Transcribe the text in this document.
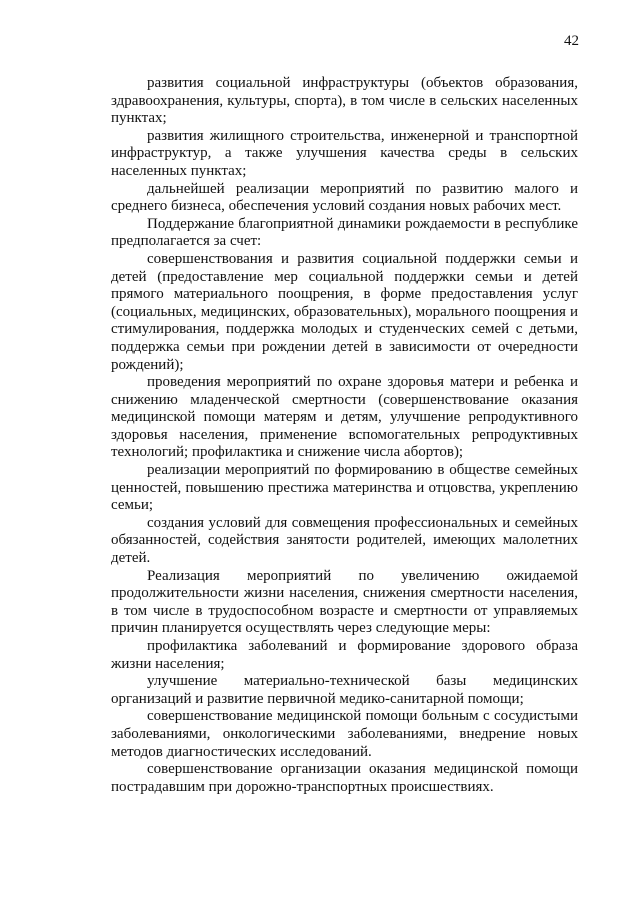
42

развития социальной инфраструктуры (объектов образования, здравоохранения, культуры, спорта), в том числе в сельских населенных пунктах;

развития жилищного строительства, инженерной и транспортной инфраструктур, а также улучшения качества среды в сельских населенных пунктах;

дальнейшей реализации мероприятий по развитию малого и среднего бизнеса, обеспечения условий создания новых рабочих мест.

Поддержание благоприятной динамики рождаемости в республике предполагается за счет:

совершенствования и развития социальной поддержки семьи и детей (предоставление мер социальной поддержки семьи и детей прямого материального поощрения, в форме предоставления услуг (социальных, медицинских, образовательных), морального поощрения и стимулирования, поддержка молодых и студенческих семей с детьми, поддержка семьи при рождении детей в зависимости от очередности рождений);

проведения мероприятий по охране здоровья матери и ребенка и снижению младенческой смертности (совершенствование оказания медицинской помощи матерям и детям, улучшение репродуктивного здоровья населения, применение вспомогательных репродуктивных технологий; профилактика и снижение числа абортов);

реализации мероприятий по формированию в обществе семейных ценностей, повышению престижа материнства и отцовства, укреплению семьи;

создания условий для совмещения профессиональных и семейных обязанностей, содействия занятости родителей, имеющих малолетних детей.

Реализация мероприятий по увеличению ожидаемой продолжительности жизни населения, снижения смертности населения, в том числе в трудоспособном возрасте и смертности от управляемых причин планируется осуществлять через следующие меры:

профилактика заболеваний и формирование здорового образа жизни населения;

улучшение материально-технической базы медицинских организаций и развитие первичной медико-санитарной помощи;

совершенствование медицинской помощи больным с сосудистыми заболеваниями, онкологическими заболеваниями, внедрение новых методов диагностических исследований.

совершенствование организации оказания медицинской помощи пострадавшим при дорожно-транспортных происшествиях.
